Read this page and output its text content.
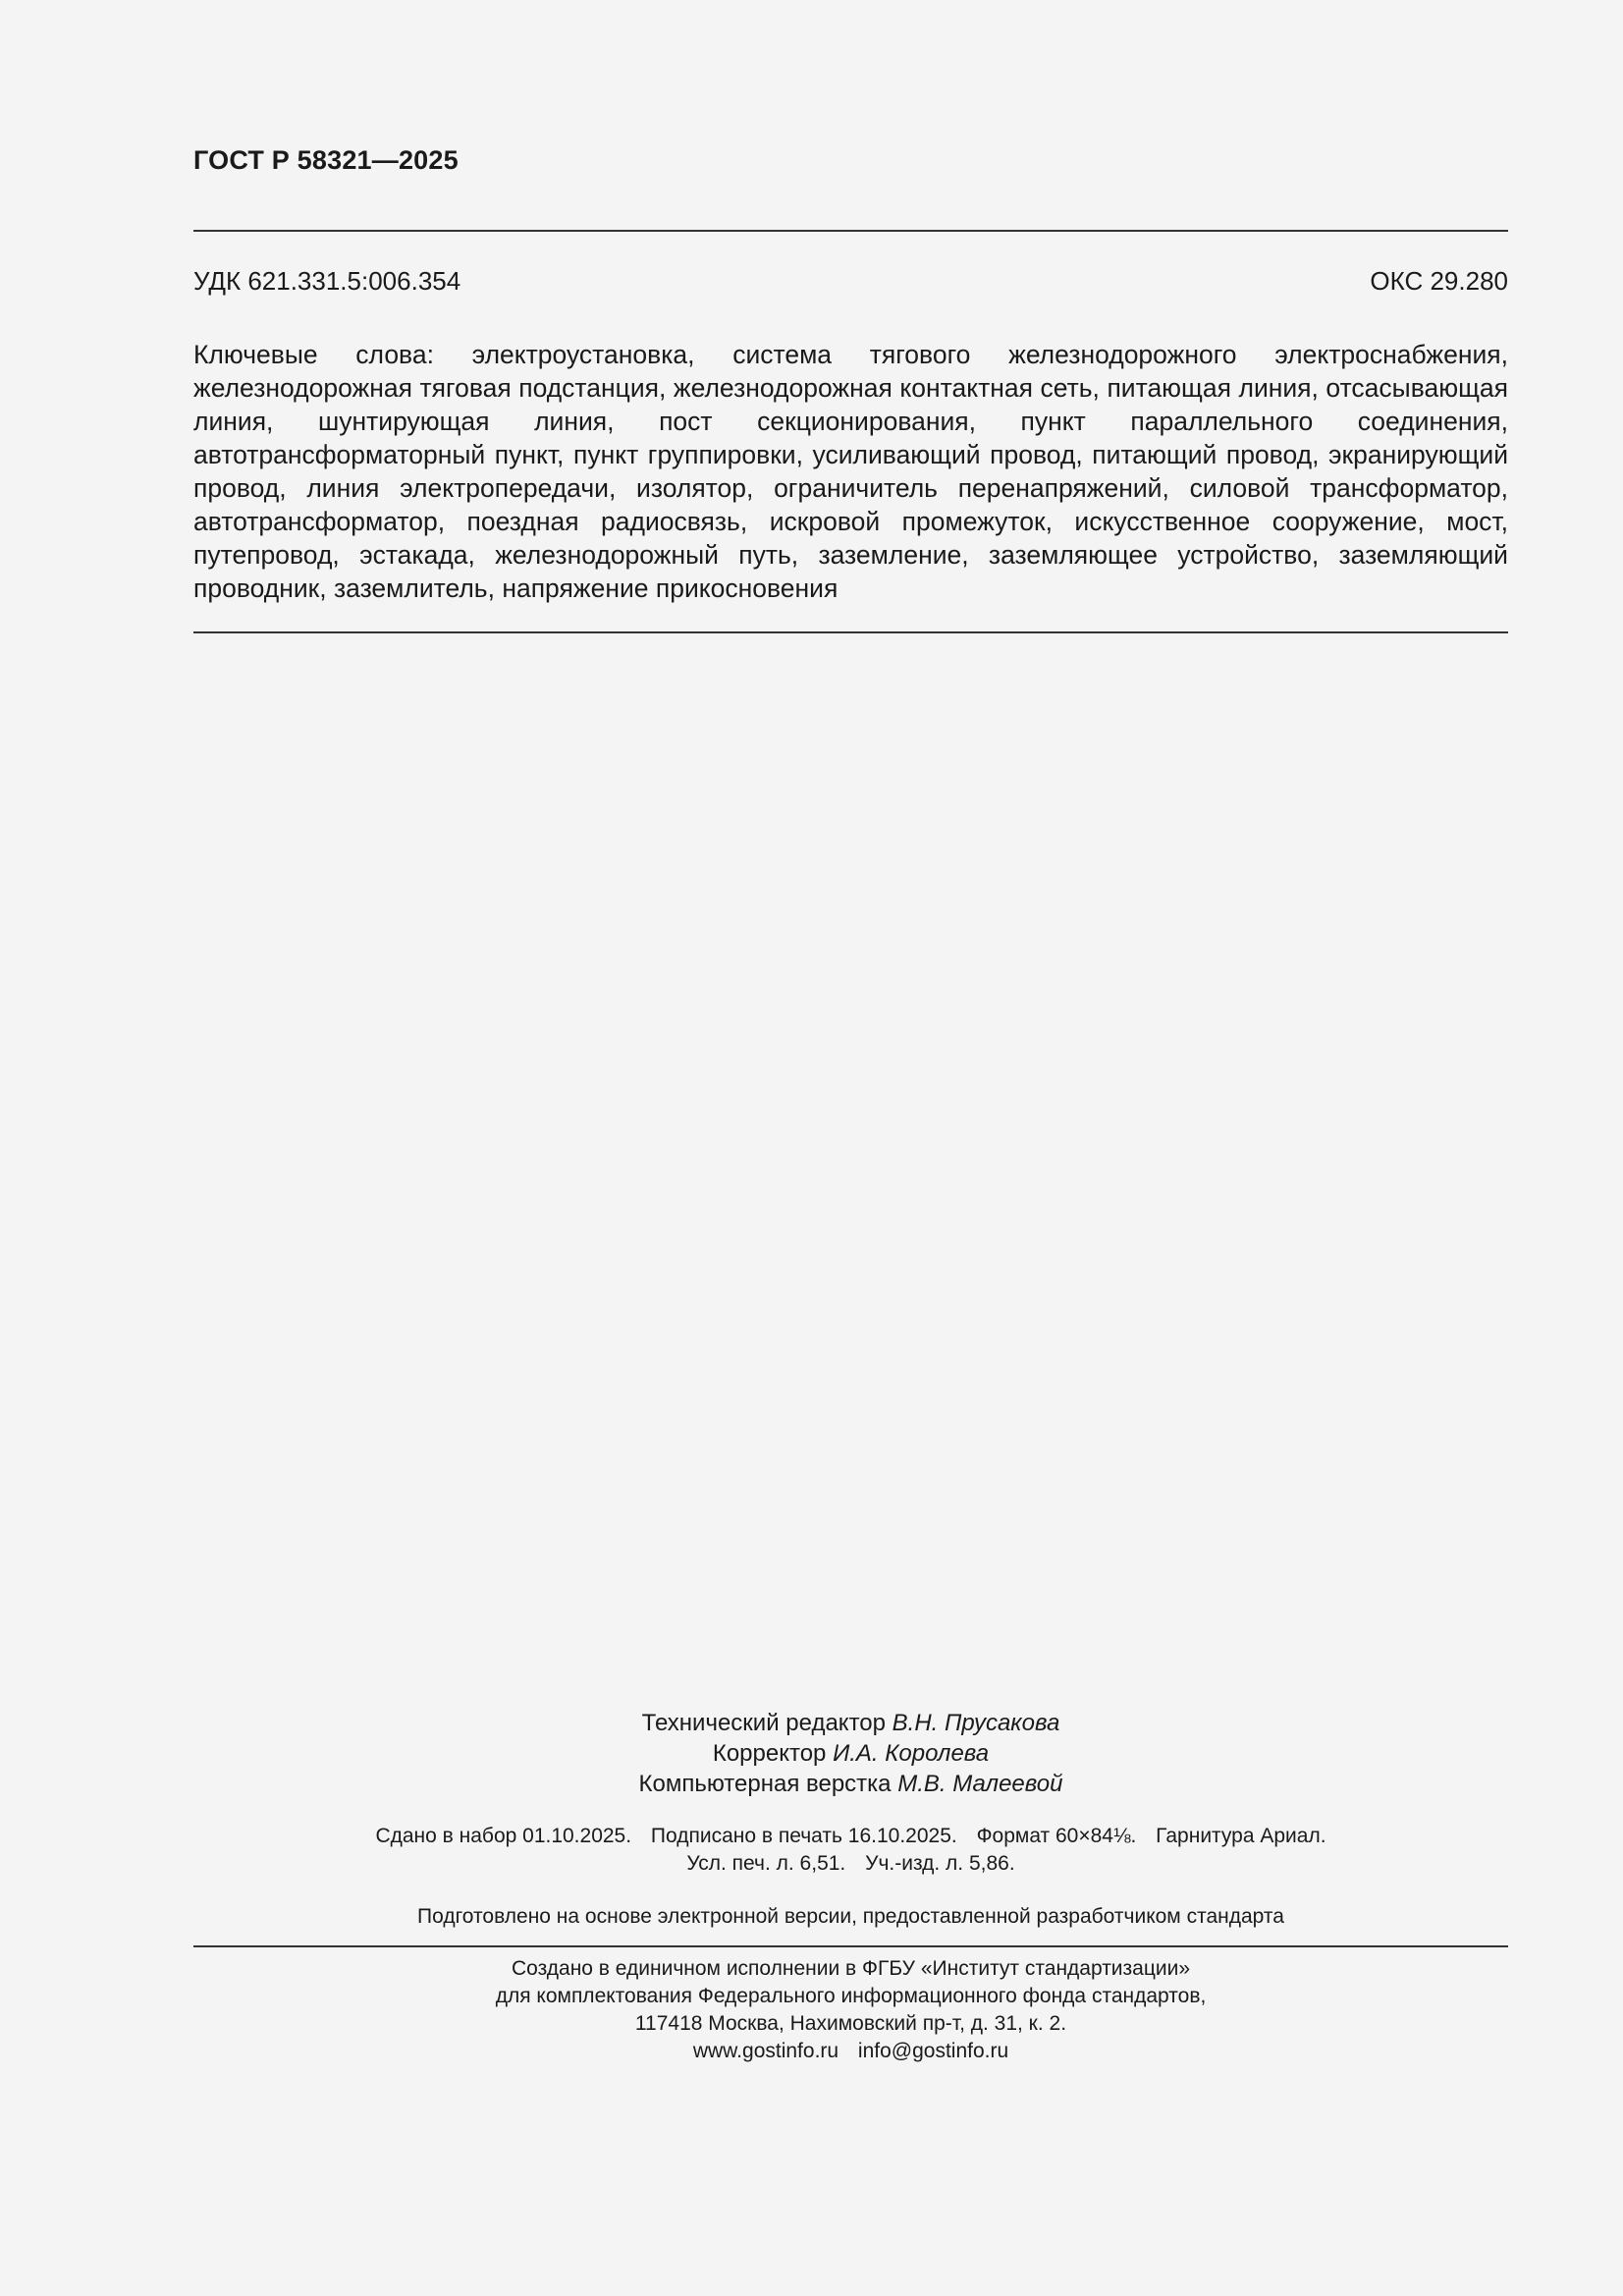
ГОСТ Р 58321—2025
УДК 621.331.5:006.354	ОКС 29.280
Ключевые слова: электроустановка, система тягового железнодорожного электроснабжения, железнодорожная тяговая подстанция, железнодорожная контактная сеть, питающая линия, отсасывающая линия, шунтирующая линия, пост секционирования, пункт параллельного соединения, автотрансформаторный пункт, пункт группировки, усиливающий провод, питающий провод, экранирующий провод, линия электропередачи, изолятор, ограничитель перенапряжений, силовой трансформатор, автотрансформатор, поездная радиосвязь, искровой промежуток, искусственное сооружение, мост, путепровод, эстакада, железнодорожный путь, заземление, заземляющее устройство, заземляющий проводник, заземлитель, напряжение прикосновения
Технический редактор В.Н. Прусакова
Корректор И.А. Королева
Компьютерная верстка М.В. Малеевой
Сдано в набор 01.10.2025. Подписано в печать 16.10.2025. Формат 60×84⅛. Гарнитура Ариал.
Усл. печ. л. 6,51. Уч.-изд. л. 5,86.
Подготовлено на основе электронной версии, предоставленной разработчиком стандарта
Создано в единичном исполнении в ФГБУ «Институт стандартизации»
для комплектования Федерального информационного фонда стандартов,
117418 Москва, Нахимовский пр-т, д. 31, к. 2.
www.gostinfo.ru info@gostinfo.ru
